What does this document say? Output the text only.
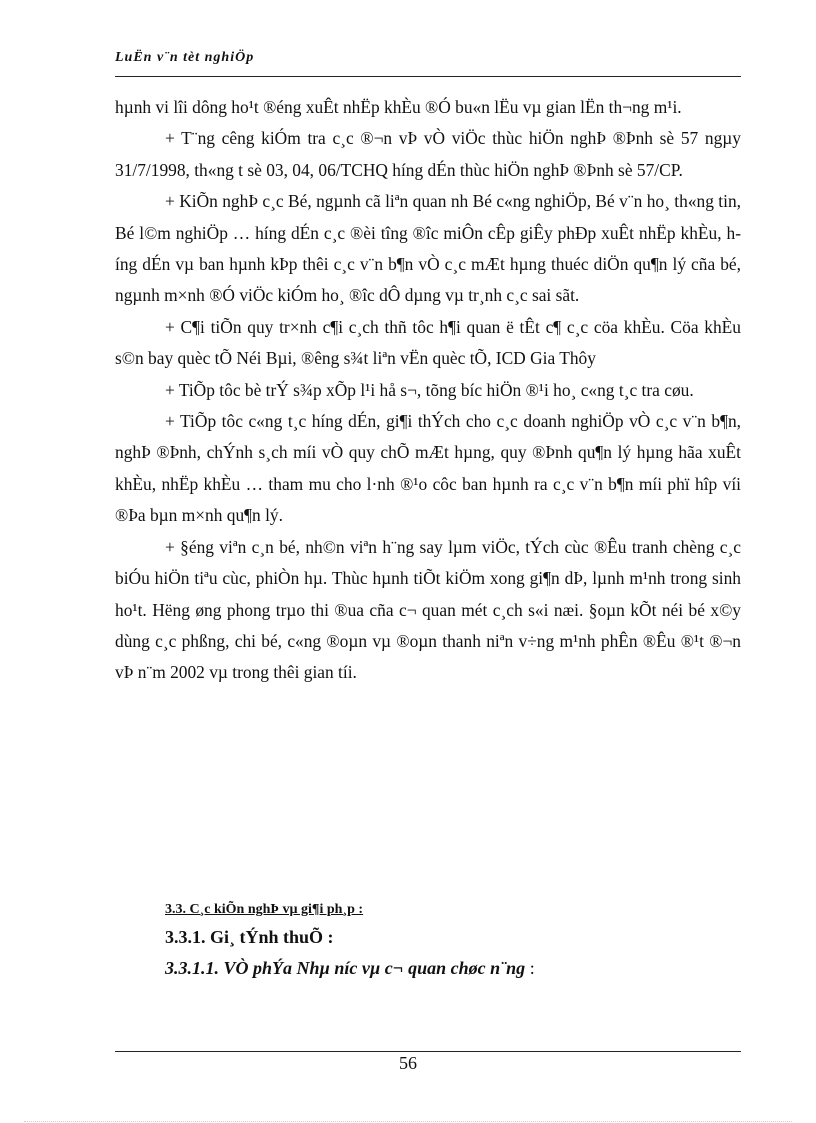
LuËn v¨n tèt nghiÖp

hµnh vi lîi dông ho¹t ®éng xuÊt nhËp khÈu ®Ó bu«n lËu vµ gian lËn th¬ng m¹i.

+ T¨ng cêng kiÓm tra c¸c ®¬n vÞ vÒ viÖc thùc hiÖn nghÞ ®Þnh sè 57 ngµy 31/7/1998, th«ng t sè 03, 04, 06/TCHQ híng dÉn thùc hiÖn nghÞ ®Þnh sè 57/CP.

+ KiÕn nghÞ c¸c Bé, ngµnh cã liªn quan nh Bé c«ng nghiÖp, Bé v¨n ho¸ th«ng tin, Bé l©m nghiÖp … híng dÉn c¸c ®èi tîng ®îc miÔn cÊp giÊy phÐp xuÊt nhËp khÈu, híng dÉn vµ ban hµnh kÞp thêi c¸c v¨n b¶n vÒ c¸c mÆt hµng thuéc diÖn qu¶n lý cña bé, ngµnh m×nh ®Ó viÖc kiÓm ho¸ ®îc dÔ dµng vµ tr¸nh c¸c sai sãt.

+ C¶i tiÕn quy tr×nh c¶i c¸ch thñ tôc h¶i quan ë tÊt c¶ c¸c cöa khÈu. Cöa khÈu s©n bay quèc tÕ Néi Bµi, ®êng s¾t liªn vËn quèc tÕ, ICD Gia Thôy

+ TiÕp tôc bè trÝ s¾p xÕp l¹i hå s¬, tõng bíc hiÖn ®¹i ho¸ c«ng t¸c tra cøu.

+ TiÕp tôc c«ng t¸c híng dÉn, gi¶i thÝch cho c¸c doanh nghiÖp vÒ c¸c v¨n b¶n, nghÞ ®Þnh, chÝnh s¸ch míi vÒ quy chÕ mÆt hµng, quy ®Þnh qu¶n lý hµng hãa xuÊt khÈu, nhËp khÈu … tham mu cho l·nh ®¹o côc ban hµnh ra c¸c v¨n b¶n míi phï hîp víi ®Þa bµn m×nh qu¶n lý.

+ §éng viªn c¸n bé, nh©n viªn h¨ng say lµm viÖc, tÝch cùc ®Êu tranh chèng c¸c biÓu hiÖn tiªu cùc, phiÒn hµ. Thùc hµnh tiÕt kiÖm xong gi¶n dÞ, lµnh m¹nh trong sinh ho¹t. Hëng øng phong trµo thi ®ua cña c¬ quan mét c¸ch s«i næi. §oµn kÕt néi bé x©y dùng c¸c phßng, chi bé, c«ng ®oµn vµ ®oµn thanh niªn v÷ng m¹nh phÊn ®Êu ®¹t ®¬n vÞ n¨m 2002 vµ trong thêi gian tíi.

3.3. C¸c kiÕn nghÞ vµ gi¶i ph¸p :
3.3.1. Gi¸ tÝnh thuÕ :
3.3.1.1. VÒ phÝa Nhµ níc vµ c¬ quan chøc n¨ng :
56
